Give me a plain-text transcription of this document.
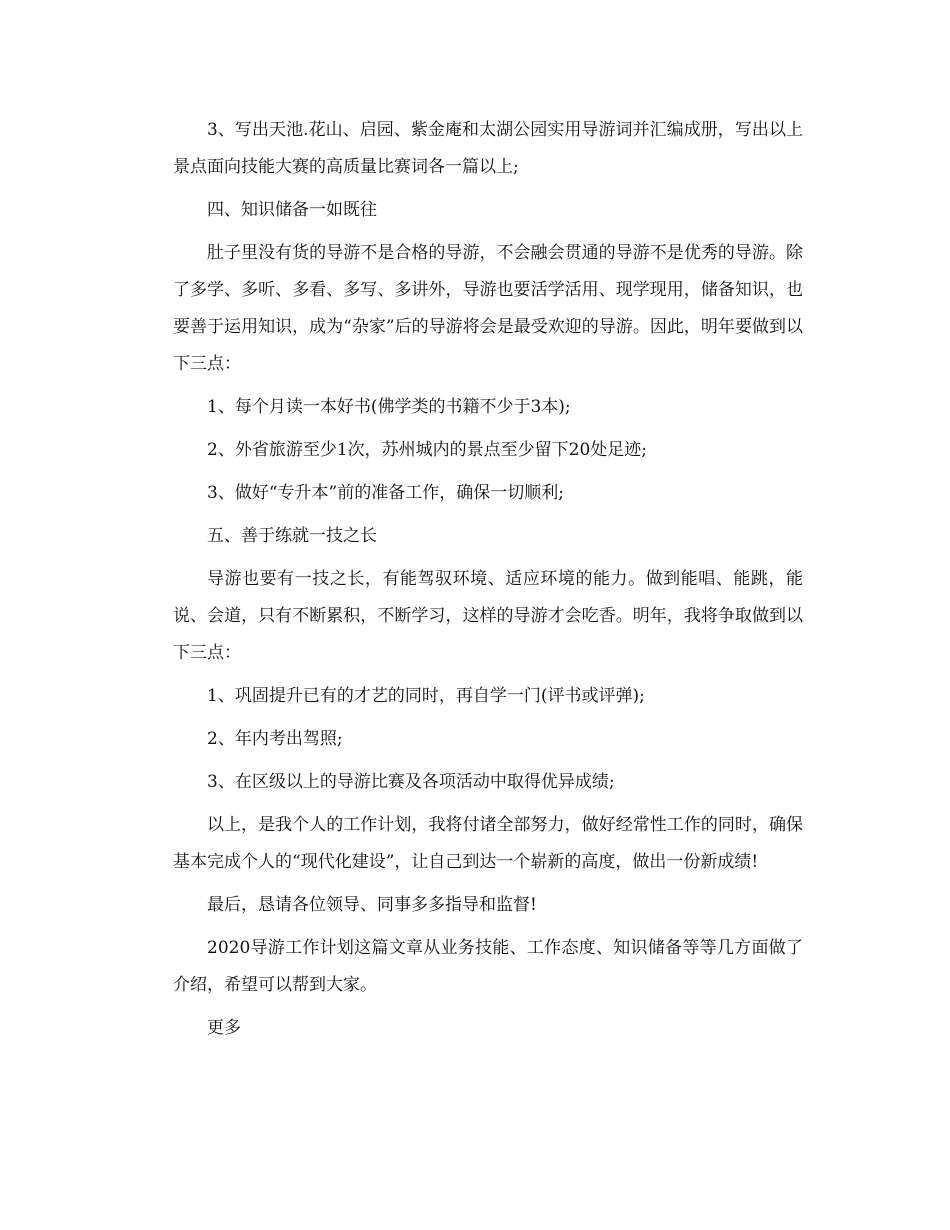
3、写出天池.花山、启园、紫金庵和太湖公园实用导游词并汇编成册，写出以上景点面向技能大赛的高质量比赛词各一篇以上;

四、知识储备一如既往

肚子里没有货的导游不是合格的导游，不会融会贯通的导游不是优秀的导游。除了多学、多听、多看、多写、多讲外，导游也要活学活用、现学现用，储备知识，也要善于运用知识，成为“杂家”后的导游将会是最受欢迎的导游。因此，明年要做到以下三点：

1、每个月读一本好书(佛学类的书籍不少于3本);

2、外省旅游至少1次，苏州城内的景点至少留下20处足迹;

3、做好“专升本”前的准备工作，确保一切顺利;

五、善于练就一技之长

导游也要有一技之长，有能驾驭环境、适应环境的能力。做到能唱、能跳，能说、会道，只有不断累积，不断学习，这样的导游才会吃香。明年，我将争取做到以下三点：

1、巩固提升已有的才艺的同时，再自学一门(评书或评弹);

2、年内考出驾照;

3、在区级以上的导游比赛及各项活动中取得优异成绩;

以上，是我个人的工作计划，我将付诸全部努力，做好经常性工作的同时，确保基本完成个人的“现代化建设”，让自己到达一个崭新的高度，做出一份新成绩!

最后，恳请各位领导、同事多多指导和监督!

2020导游工作计划这篇文章从业务技能、工作态度、知识储备等等几方面做了介绍，希望可以帮到大家。

更多
